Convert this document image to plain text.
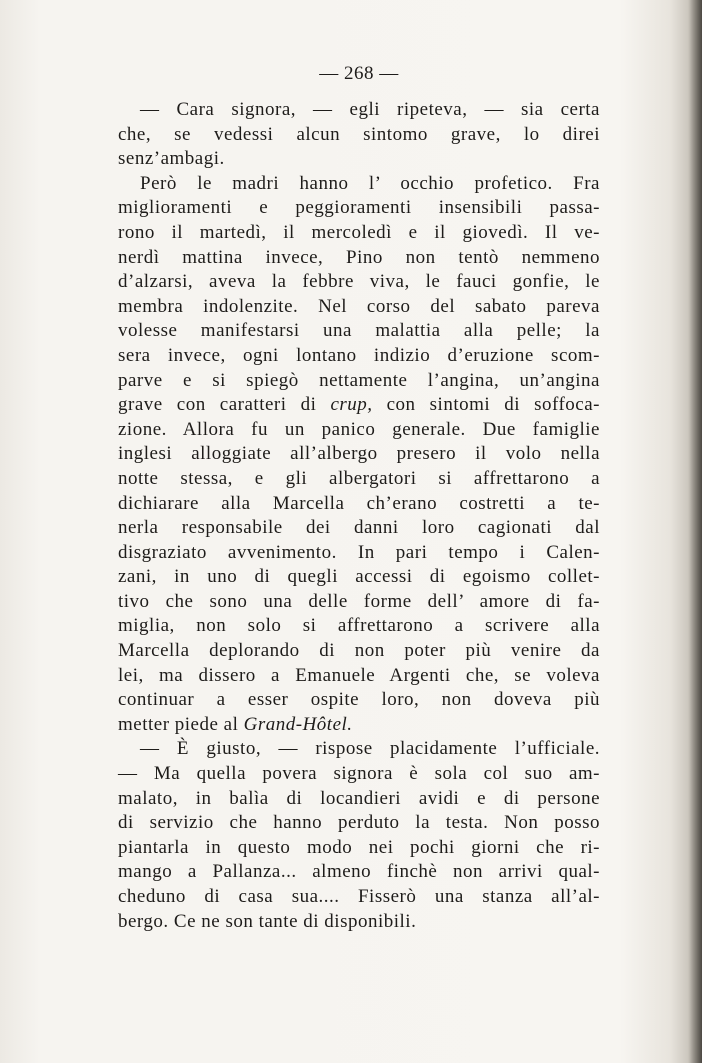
— 268 —
— Cara signora, — egli ripeteva, — sia certa
che, se vedessi alcun sintomo grave, lo direi
senz’ambagi.
Però le madri hanno l’ occhio profetico. Fra
miglioramenti e peggioramenti insensibili passa-
rono il martedì, il mercoledì e il giovedì. Il ve-
nerdì mattina invece, Pino non tentò nemmeno
d’alzarsi, aveva la febbre viva, le fauci gonfie, le
membra indolenzite. Nel corso del sabato pareva
volesse manifestarsi una malattia alla pelle; la
sera invece, ogni lontano indizio d’eruzione scom-
parve e si spiegò nettamente l’angina, un’angina
grave con caratteri di crup, con sintomi di soffoca-
zione. Allora fu un panico generale. Due famiglie
inglesi alloggiate all’albergo presero il volo nella
notte stessa, e gli albergatori si affrettarono a
dichiarare alla Marcella ch’erano costretti a te-
nerla responsabile dei danni loro cagionati dal
disgraziato avvenimento. In pari tempo i Calen-
zani, in uno di quegli accessi di egoismo collet-
tivo che sono una delle forme dell’ amore di fa-
miglia, non solo si affrettarono a scrivere alla
Marcella deplorando di non poter più venire da
lei, ma dissero a Emanuele Argenti che, se voleva
continuar a esser ospite loro, non doveva più
metter piede al Grand-Hôtel.
— È giusto, — rispose placidamente l’ufficiale.
— Ma quella povera signora è sola col suo am-
malato, in balìa di locandieri avidi e di persone
di servizio che hanno perduto la testa. Non posso
piantarla in questo modo nei pochi giorni che ri-
mango a Pallanza... almeno finchè non arrivi qual-
cheduno di casa sua.... Fisserò una stanza all’al-
bergo. Ce ne son tante di disponibili.
